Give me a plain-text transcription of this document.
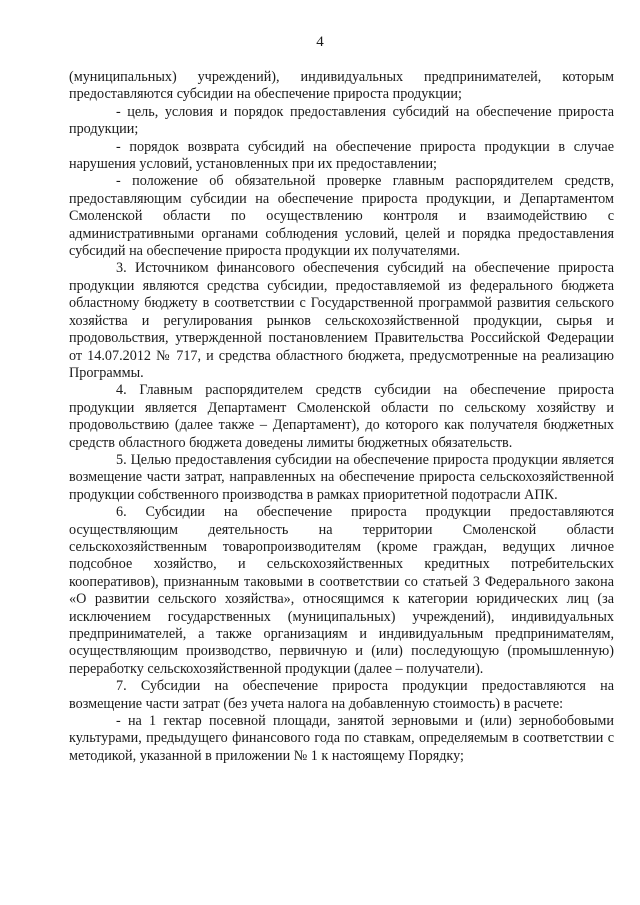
4

(муниципальных) учреждений), индивидуальных предпринимателей, которым предоставляются субсидии на обеспечение прироста продукции;

- цель, условия и порядок предоставления субсидий на обеспечение прироста продукции;

- порядок возврата субсидий на обеспечение прироста продукции в случае нарушения условий, установленных при их предоставлении;

- положение об обязательной проверке главным распорядителем средств, предоставляющим субсидии на обеспечение прироста продукции, и Департаментом Смоленской области по осуществлению контроля и взаимодействию с административными органами соблюдения условий, целей и порядка предоставления субсидий на обеспечение прироста продукции их получателями.

3. Источником финансового обеспечения субсидий на обеспечение прироста продукции являются средства субсидии, предоставляемой из федерального бюджета областному бюджету в соответствии с Государственной программой развития сельского хозяйства и регулирования рынков сельскохозяйственной продукции, сырья и продовольствия, утвержденной постановлением Правительства Российской Федерации от 14.07.2012 № 717, и средства областного бюджета, предусмотренные на реализацию Программы.

4. Главным распорядителем средств субсидии на обеспечение прироста продукции является Департамент Смоленской области по сельскому хозяйству и продовольствию (далее также – Департамент), до которого как получателя бюджетных средств областного бюджета доведены лимиты бюджетных обязательств.

5. Целью предоставления субсидии на обеспечение прироста продукции является возмещение части затрат, направленных на обеспечение прироста сельскохозяйственной продукции собственного производства в рамках приоритетной подотрасли АПК.

6. Субсидии на обеспечение прироста продукции предоставляются осуществляющим деятельность на территории Смоленской области сельскохозяйственным товаропроизводителям (кроме граждан, ведущих личное подсобное хозяйство, и сельскохозяйственных кредитных потребительских кооперативов), признанным таковыми в соответствии со статьей 3 Федерального закона «О развитии сельского хозяйства», относящимся к категории юридических лиц (за исключением государственных (муниципальных) учреждений), индивидуальных предпринимателей, а также организациям и индивидуальным предпринимателям, осуществляющим производство, первичную и (или) последующую (промышленную) переработку сельскохозяйственной продукции (далее – получатели).

7. Субсидии на обеспечение прироста продукции предоставляются на возмещение части затрат (без учета налога на добавленную стоимость) в расчете:

- на 1 гектар посевной площади, занятой зерновыми и (или) зернобобовыми культурами, предыдущего финансового года по ставкам, определяемым в соответствии с методикой, указанной в приложении № 1 к настоящему Порядку;
